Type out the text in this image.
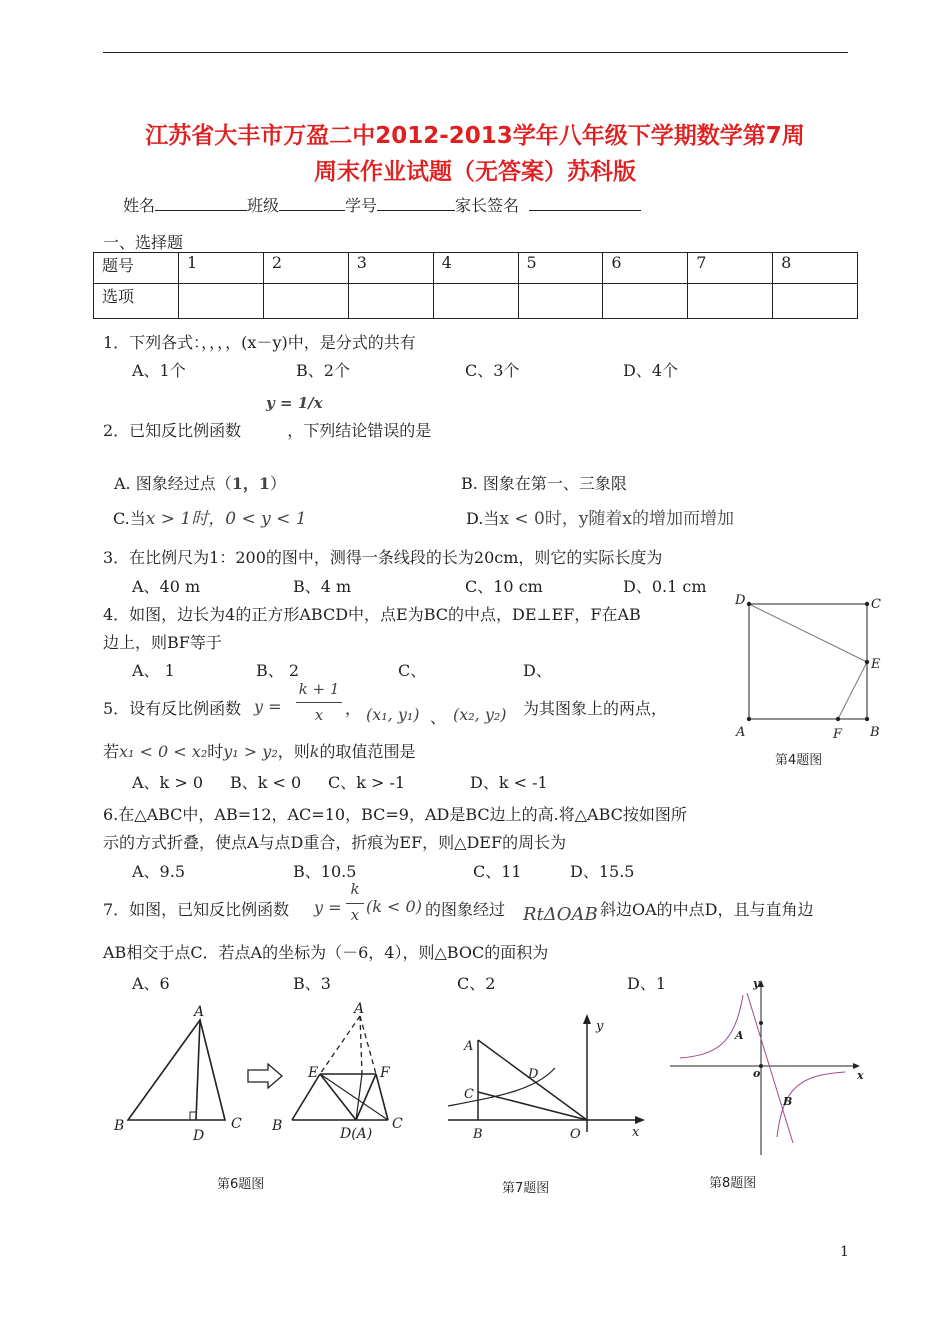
江苏省大丰市万盈二中2012-2013学年八年级下学期数学第7周
周末作业试题（无答案）苏科版
姓名	班级	学号	家长签名
一、选择题
题号	1	2	3	4	5	6	7	8
选项								
1．下列各式：，，，，(x－y)中，是分式的共有
A、1个	B、2个	C、3个	D、4个
y = 1/x
2．已知反比例函数	，下列结论错误的是
A. 图象经过点（1，1）	B. 图象在第一、三象限
C.当x > 1时，0 < y < 1	D.当x < 0时，y随着x的增加而增加
3．在比例尺为1：200的图中，测得一条线段的长为20cm，则它的实际长度为
A、40 m	B、4 m	C、10 cm	D、0.1 cm
4．如图，边长为4的正方形ABCD中，点E为BC的中点，DE⊥EF，F在AB
边上，则BF等于
A、 1	B、 2	C、	D、
D	C
E
A	F B
第4题图
5．设有反比例函数 y =
k + 1
x	， (x₁, y₁) 、 (x₂, y₂) 为其图象上的两点，
若x₁ < 0 < x₂时y₁ > y₂，则k的取值范围是
A、k > 0 B、k < 0 C、k > -1	D、k < -1
6.在△ABC中，AB=12，AC=10，BC=9，AD是BC边上的高.将△ABC按如图所
示的方式折叠，使点A与点D重合，折痕为EF，则△DEF的周长为
A、9.5	B、10.5	C、11	D、15.5
7．如图，已知反比例函数 y =
k
x (k < 0) 的图象经过 RtΔOAB 斜边OA的中点D，且与直角边
AB相交于点C．若点A的坐标为（－6，4），则△BOC的面积为
A、6	B、3	C、2	D、1
A
B
D
C
A
E	F
B	D(A)
C
第6题图
y
A
D
C
B	O	x
第7题图
y
A
o	x
B
第8题图
1
